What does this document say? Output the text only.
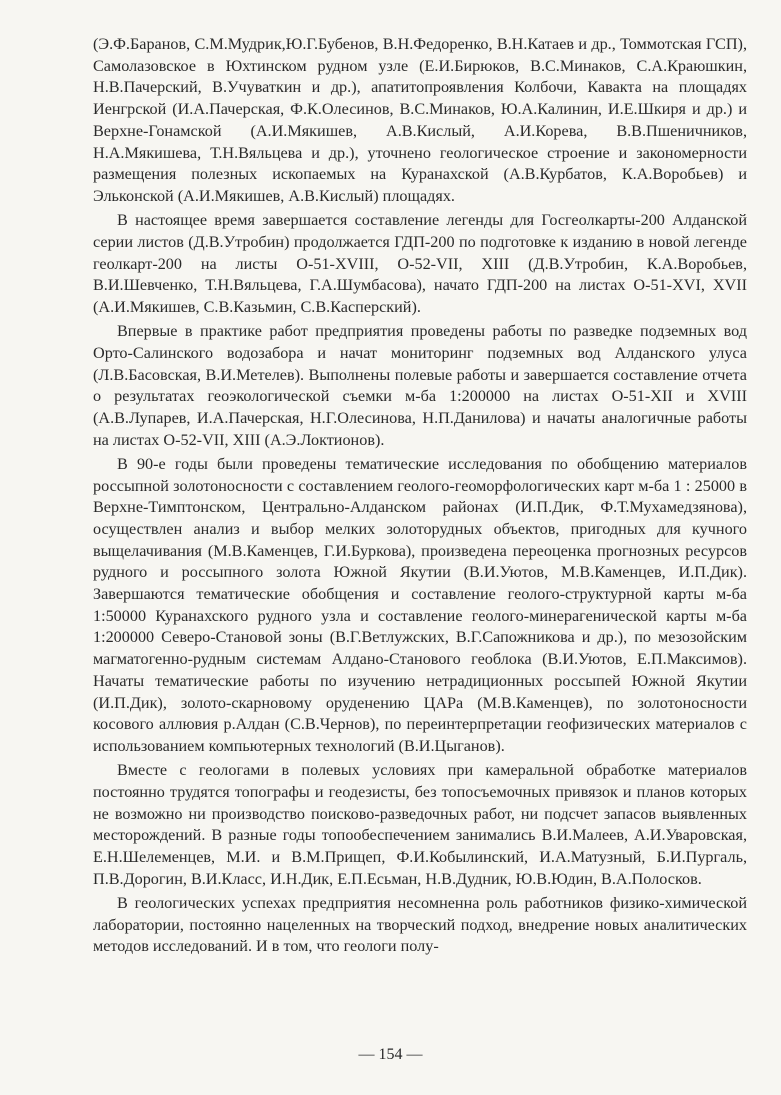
(Э.Ф.Баранов, С.М.Мудрик,Ю.Г.Бубенов, В.Н.Федоренко, В.Н.Катаев и др., Томмотская ГСП), Самолазовское в Юхтинском рудном узле (Е.И.Бирюков, В.С.Минаков, С.А.Краюшкин, Н.В.Пачерский, В.Учуваткин и др.), апатитопроявления Колбочи, Кавакта на площадях Иенгрской (И.А.Пачерская, Ф.К.Олесинов, В.С.Минаков, Ю.А.Калинин, И.Е.Шкиря и др.) и Верхне-Гонамской (А.И.Мякишев, А.В.Кислый, А.И.Корева, В.В.Пшеничников, Н.А.Мякишева, Т.Н.Вяльцева и др.), уточнено геологическое строение и закономерности размещения полезных ископаемых на Куранахской (А.В.Курбатов, К.А.Воробьев) и Эльконской (А.И.Мякишев, А.В.Кислый) площадях.

В настоящее время завершается составление легенды для Госгеолкарты-200 Алданской серии листов (Д.В.Утробин) продолжается ГДП-200 по подготовке к изданию в новой легенде геолкарт-200 на листы O-51-XVIII, O-52-VII, XIII (Д.В.Утробин, К.А.Воробьев, В.И.Шевченко, Т.Н.Вяльцева, Г.А.Шумбасова), начато ГДП-200 на листах O-51-XVI, XVII (А.И.Мякишев, С.В.Казьмин, С.В.Касперский).

Впервые в практике работ предприятия проведены работы по разведке подземных вод Орто-Салинского водозабора и начат мониторинг подземных вод Алданского улуса (Л.В.Басовская, В.И.Метелев). Выполнены полевые работы и завершается составление отчета о результатах геоэкологической съемки м-ба 1:200000 на листах O-51-XII и XVIII (А.В.Лупарев, И.А.Пачерская, Н.Г.Олесинова, Н.П.Данилова) и начаты аналогичные работы на листах O-52-VII, XIII (А.Э.Локтионов).

В 90-е годы были проведены тематические исследования по обобщению материалов россыпной золотоносности с составлением геолого-геоморфологических карт м-ба 1 : 25000 в Верхне-Тимптонском, Центрально-Алданском районах (И.П.Дик, Ф.Т.Мухамедзянова), осуществлен анализ и выбор мелких золоторудных объектов, пригодных для кучного выщелачивания (М.В.Каменцев, Г.И.Буркова), произведена переоценка прогнозных ресурсов рудного и россыпного золота Южной Якутии (В.И.Уютов, М.В.Каменцев, И.П.Дик). Завершаются тематические обобщения и составление геолого-структурной карты м-ба 1:50000 Куранахского рудного узла и составление геолого-минерагенической карты м-ба 1:200000 Северо-Становой зоны (В.Г.Ветлужских, В.Г.Сапожникова и др.), по мезозойским магматогенно-рудным системам Алдано-Станового геоблока (В.И.Уютов, Е.П.Максимов). Начаты тематические работы по изучению нетрадиционных россыпей Южной Якутии (И.П.Дик), золото-скарновому оруденению ЦАРа (М.В.Каменцев), по золотоносности косового аллювия р.Алдан (С.В.Чернов), по переинтерпретации геофизических материалов с использованием компьютерных технологий (В.И.Цыганов).

Вместе с геологами в полевых условиях при камеральной обработке материалов постоянно трудятся топографы и геодезисты, без топосъемочных привязок и планов которых не возможно ни производство поисково-разведочных работ, ни подсчет запасов выявленных месторождений. В разные годы топообеспечением занимались В.И.Малеев, А.И.Уваровская, Е.Н.Шелеменцев, М.И. и В.М.Прищеп, Ф.И.Кобылинский, И.А.Матузный, Б.И.Пургаль, П.В.Дорогин, В.И.Класс, И.Н.Дик, Е.П.Есьман, Н.В.Дудник, Ю.В.Юдин, В.А.Полосков.

В геологических успехах предприятия несомненна роль работников физико-химической лаборатории, постоянно нацеленных на творческий подход, внедрение новых аналитических методов исследований. И в том, что геологи полу-

— 154 —
